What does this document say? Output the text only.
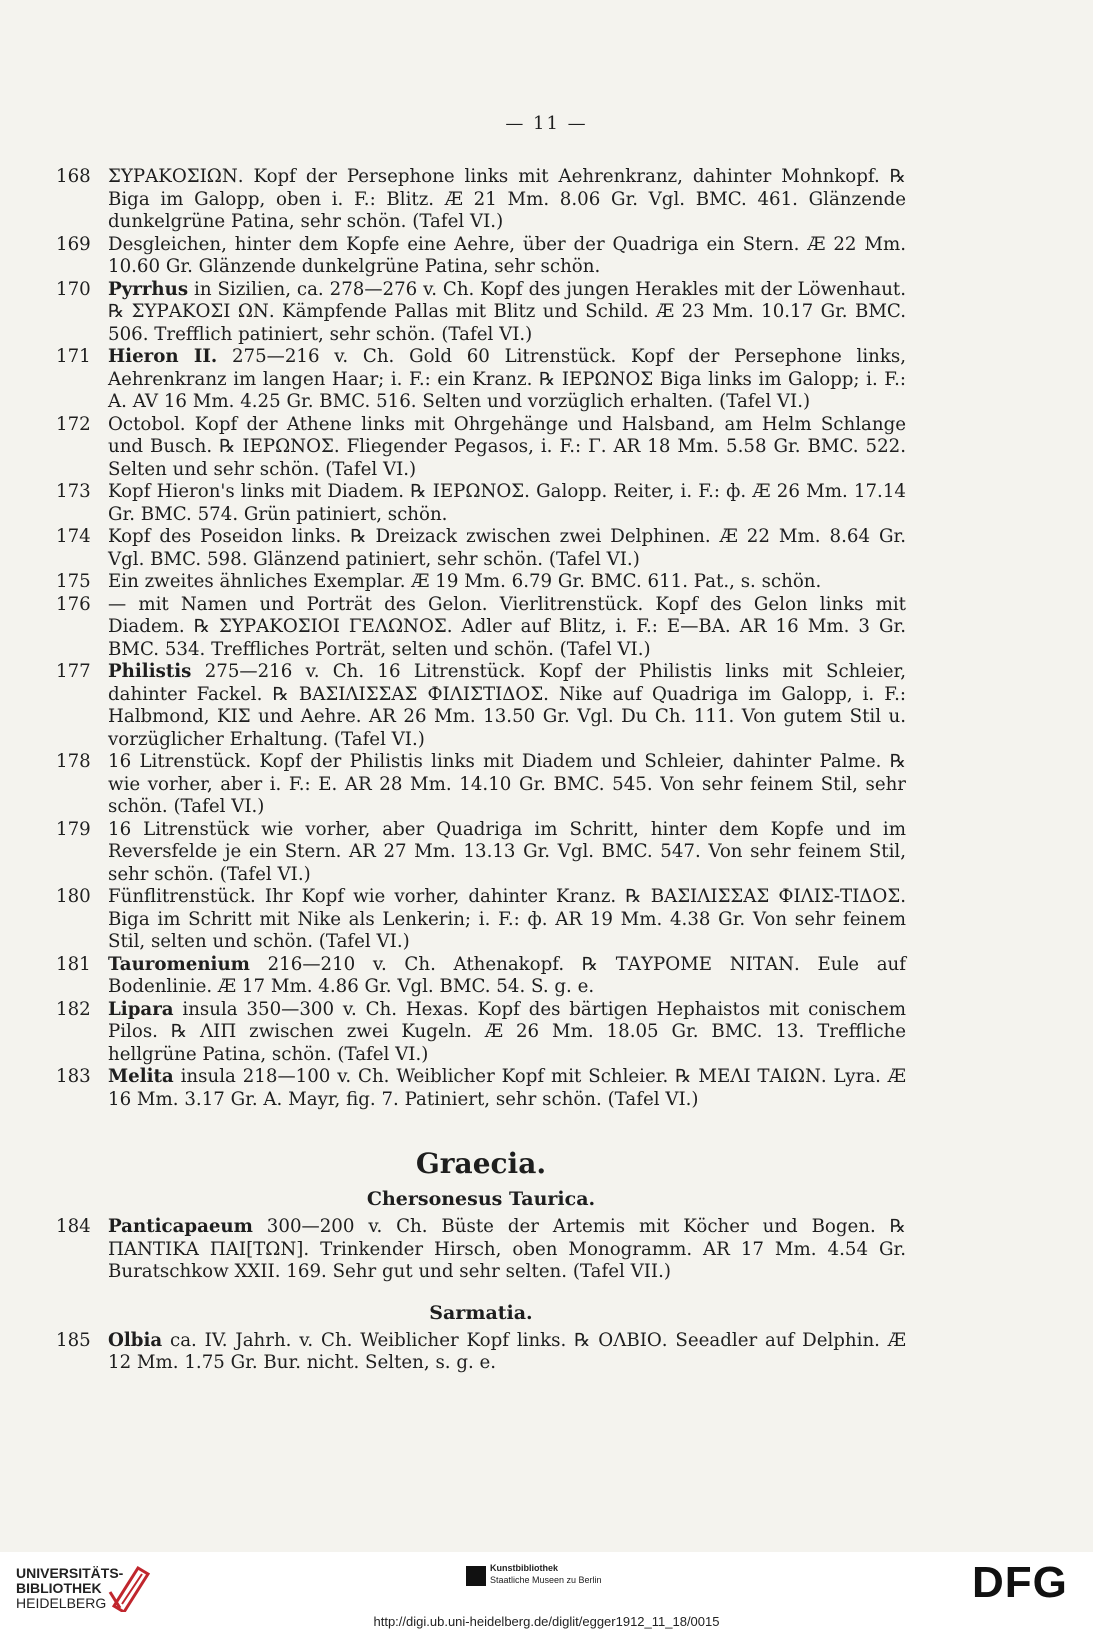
— 11 —
168 ΣΥΡΑΚΟΣΙΩΝ. Kopf der Persephone links mit Aehrenkranz, dahinter Mohnkopf. ℞ Biga im Galopp, oben i. F.: Blitz. Æ 21 Mm. 8.06 Gr. Vgl. BMC. 461. Glänzende dunkelgrüne Patina, sehr schön. (Tafel VI.)
169 Desgleichen, hinter dem Kopfe eine Aehre, über der Quadriga ein Stern. Æ 22 Mm. 10.60 Gr. Glänzende dunkelgrüne Patina, sehr schön.
170 Pyrrhus in Sizilien, ca. 278—276 v. Ch. Kopf des jungen Herakles mit der Löwenhaut. ℞ ΣΥΡΑΚΟΣΙ ΩΝ. Kämpfende Pallas mit Blitz und Schild. Æ 23 Mm. 10.17 Gr. BMC. 506. Trefflich patiniert, sehr schön. (Tafel VI.)
171 Hieron II. 275—216 v. Ch. Gold 60 Litrenstück. Kopf der Persephone links, Aehrenkranz im langen Haar; i. F.: ein Kranz. ℞ ΙΕΡΩΝΟΣ Biga links im Galopp; i. F.: A. AV 16 Mm. 4.25 Gr. BMC. 516. Selten und vorzüglich erhalten. (Tafel VI.)
172 Octobol. Kopf der Athene links mit Ohrgehänge und Halsband, am Helm Schlange und Busch. ℞ ΙΕΡΩΝΟΣ. Fliegender Pegasos, i. F.: Γ. AR 18 Mm. 5.58 Gr. BMC. 522. Selten und sehr schön. (Tafel VI.)
173 Kopf Hieron's links mit Diadem. ℞ ΙΕΡΩΝΟΣ. Galopp. Reiter, i. F.: ф. Æ 26 Mm. 17.14 Gr. BMC. 574. Grün patiniert, schön.
174 Kopf des Poseidon links. ℞ Dreizack zwischen zwei Delphinen. Æ 22 Mm. 8.64 Gr. Vgl. BMC. 598. Glänzend patiniert, sehr schön. (Tafel VI.)
175 Ein zweites ähnliches Exemplar. Æ 19 Mm. 6.79 Gr. BMC. 611. Pat., s. schön.
176 — mit Namen und Porträt des Gelon. Vierlitrenstück. Kopf des Gelon links mit Diadem. ℞ ΣΥΡΑΚΟΣΙΟΙ ΓΕΛΩΝΟΣ. Adler auf Blitz, i. F.: E—BA. AR 16 Mm. 3 Gr. BMC. 534. Treffliches Porträt, selten und schön. (Tafel VI.)
177 Philistis 275—216 v. Ch. 16 Litrenstück. Kopf der Philistis links mit Schleier, dahinter Fackel. ℞ ΒΑΣΙΛΙΣΣΑΣ ФΙΛΙΣΤΙΔΟΣ. Nike auf Quadriga im Galopp, i. F.: Halbmond, ΚΙΣ und Aehre. AR 26 Mm. 13.50 Gr. Vgl. Du Ch. 111. Von gutem Stil u. vorzüglicher Erhaltung. (Tafel VI.)
178 16 Litrenstück. Kopf der Philistis links mit Diadem und Schleier, dahinter Palme. ℞ wie vorher, aber i. F.: E. AR 28 Mm. 14.10 Gr. BMC. 545. Von sehr feinem Stil, sehr schön. (Tafel VI.)
179 16 Litrenstück wie vorher, aber Quadriga im Schritt, hinter dem Kopfe und im Reversfelde je ein Stern. AR 27 Mm. 13.13 Gr. Vgl. BMC. 547. Von sehr feinem Stil, sehr schön. (Tafel VI.)
180 Fünflitrenstück. Ihr Kopf wie vorher, dahinter Kranz. ℞ ΒΑΣΙΛΙΣΣΑΣ ФΙΛΙΣ-ΤΙΔΟΣ. Biga im Schritt mit Nike als Lenkerin; i. F.: ф. AR 19 Mm. 4.38 Gr. Von sehr feinem Stil, selten und schön. (Tafel VI.)
181 Tauromenium 216—210 v. Ch. Athenakopf. ℞ ΤΑΥΡΟΜΕ ΝΙΤΑΝ. Eule auf Bodenlinie. Æ 17 Mm. 4.86 Gr. Vgl. BMC. 54. S. g. e.
182 Lipara insula 350—300 v. Ch. Hexas. Kopf des bärtigen Hephaistos mit conischem Pilos. ℞ ΛΙΠ zwischen zwei Kugeln. Æ 26 Mm. 18.05 Gr. BMC. 13. Treffliche hellgrüne Patina, schön. (Tafel VI.)
183 Melita insula 218—100 v. Ch. Weiblicher Kopf mit Schleier. ℞ ΜΕΛΙ ΤΑΙΩΝ. Lyra. Æ 16 Mm. 3.17 Gr. A. Mayr, fig. 7. Patiniert, sehr schön. (Tafel VI.)
Graecia.
Chersonesus Taurica.
184 Panticapaeum 300—200 v. Ch. Büste der Artemis mit Köcher und Bogen. ℞ ΠΑΝΤΙΚΑ ΠΑΙ[ΤΩΝ]. Trinkender Hirsch, oben Monogramm. AR 17 Mm. 4.54 Gr. Buratschkow XXII. 169. Sehr gut und sehr selten. (Tafel VII.)
Sarmatia.
185 Olbia ca. IV. Jahrh. v. Ch. Weiblicher Kopf links. ℞ ΟΛΒΙΟ. Seeadler auf Delphin. Æ 12 Mm. 1.75 Gr. Bur. nicht. Selten, s. g. e.
UNIVERSITÄTS-
BIBLIOTHEK
HEIDELBERG
Kunstbibliothek
Staatliche Museen zu Berlin	DFG
http://digi.ub.uni-heidelberg.de/diglit/egger1912_11_18/0015
